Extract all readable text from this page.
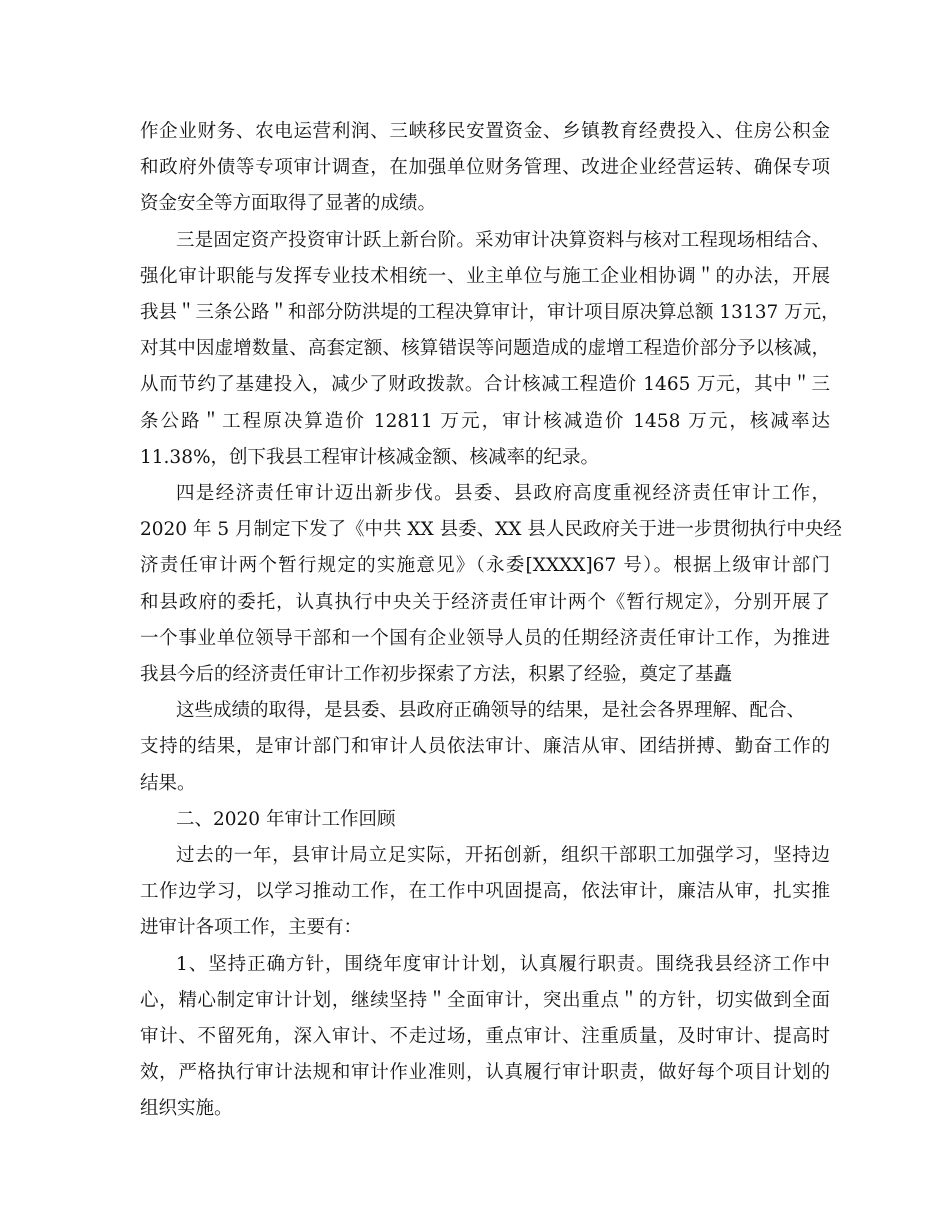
作企业财务、农电运营利润、三峡移民安置资金、乡镇教育经费投入、住房公积金
和政府外债等专项审计调查，在加强单位财务管理、改进企业经营运转、确保专项
资金安全等方面取得了显著的成绩。
三是固定资产投资审计跃上新台阶。采劝审计决算资料与核对工程现场相结合、
强化审计职能与发挥专业技术相统一、业主单位与施工企业相协调＂的办法，开展
我县＂三条公路＂和部分防洪堤的工程决算审计，审计项目原决算总额 13137 万元，
对其中因虚增数量、高套定额、核算错误等问题造成的虚增工程造价部分予以核减，
从而节约了基建投入，减少了财政拨款。合计核减工程造价 1465 万元，其中＂三
条公路＂工程原决算造价 12811 万元，审计核减造价 1458 万元，核减率达
11.38%，创下我县工程审计核减金额、核减率的纪录。
四是经济责任审计迈出新步伐。县委、县政府高度重视经济责任审计工作，
2020 年 5 月制定下发了《中共 XX 县委、XX 县人民政府关于进一步贯彻执行中央经
济责任审计两个暂行规定的实施意见》（永委[XXXX]67 号）。根据上级审计部门
和县政府的委托，认真执行中央关于经济责任审计两个《暂行规定》，分别开展了
一个事业单位领导干部和一个国有企业领导人员的任期经济责任审计工作，为推进
我县今后的经济责任审计工作初步探索了方法，积累了经验，奠定了基矗
这些成绩的取得，是县委、县政府正确领导的结果，是社会各界理解、配合、
支持的结果，是审计部门和审计人员依法审计、廉洁从审、团结拼搏、勤奋工作的
结果。
二、2020 年审计工作回顾
过去的一年，县审计局立足实际，开拓创新，组织干部职工加强学习，坚持边
工作边学习，以学习推动工作，在工作中巩固提高，依法审计，廉洁从审，扎实推
进审计各项工作，主要有：
1、坚持正确方针，围绕年度审计计划，认真履行职责。围绕我县经济工作中
心，精心制定审计计划，继续坚持＂全面审计，突出重点＂的方针，切实做到全面
审计、不留死角，深入审计、不走过场，重点审计、注重质量，及时审计、提高时
效，严格执行审计法规和审计作业准则，认真履行审计职责，做好每个项目计划的
组织实施。
